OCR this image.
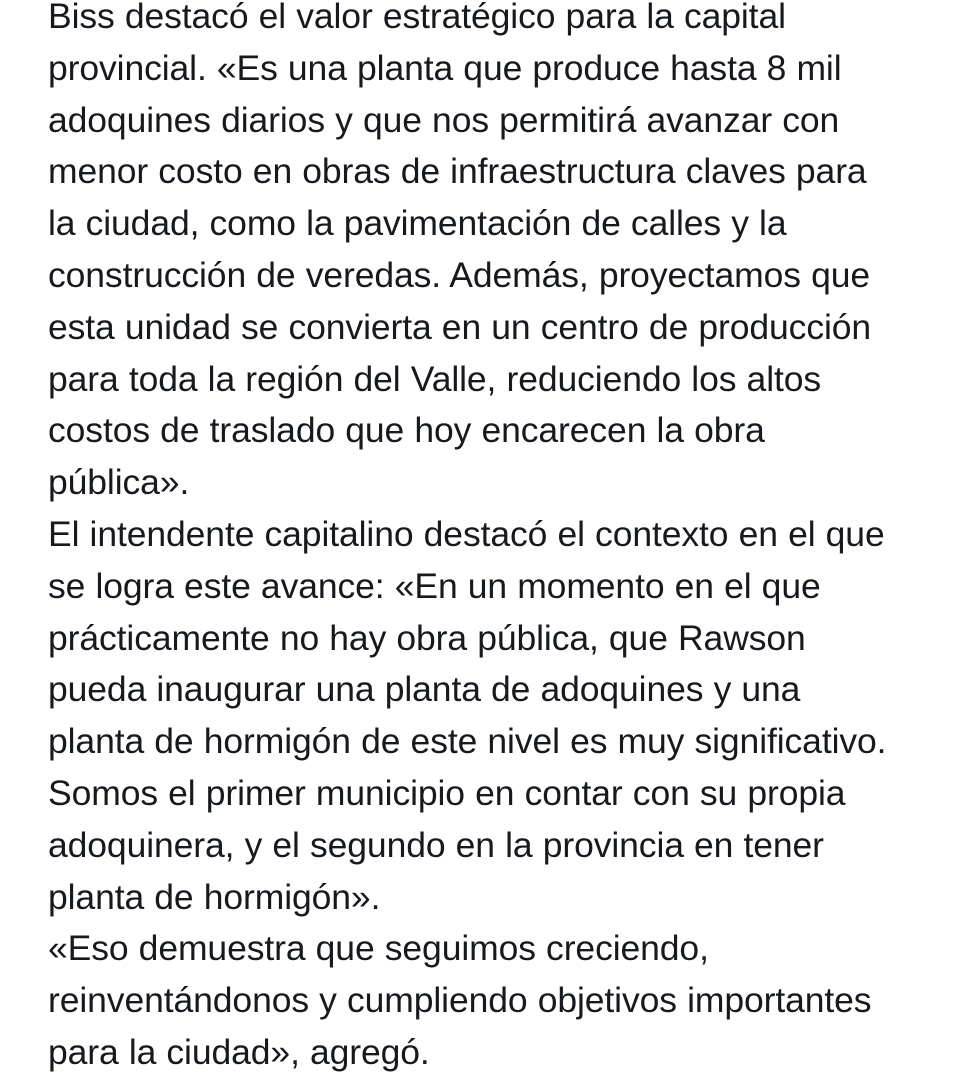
Biss destacó el valor estratégico para la capital provincial. «Es una planta que produce hasta 8 mil adoquines diarios y que nos permitirá avanzar con menor costo en obras de infraestructura claves para la ciudad, como la pavimentación de calles y la construcción de veredas. Además, proyectamos que esta unidad se convierta en un centro de producción para toda la región del Valle, reduciendo los altos costos de traslado que hoy encarecen la obra pública».

El intendente capitalino destacó el contexto en el que se logra este avance: «En un momento en el que prácticamente no hay obra pública, que Rawson pueda inaugurar una planta de adoquines y una planta de hormigón de este nivel es muy significativo. Somos el primer municipio en contar con su propia adoquinera, y el segundo en la provincia en tener planta de hormigón».

«Eso demuestra que seguimos creciendo, reinventándonos y cumpliendo objetivos importantes para la ciudad», agregó.
